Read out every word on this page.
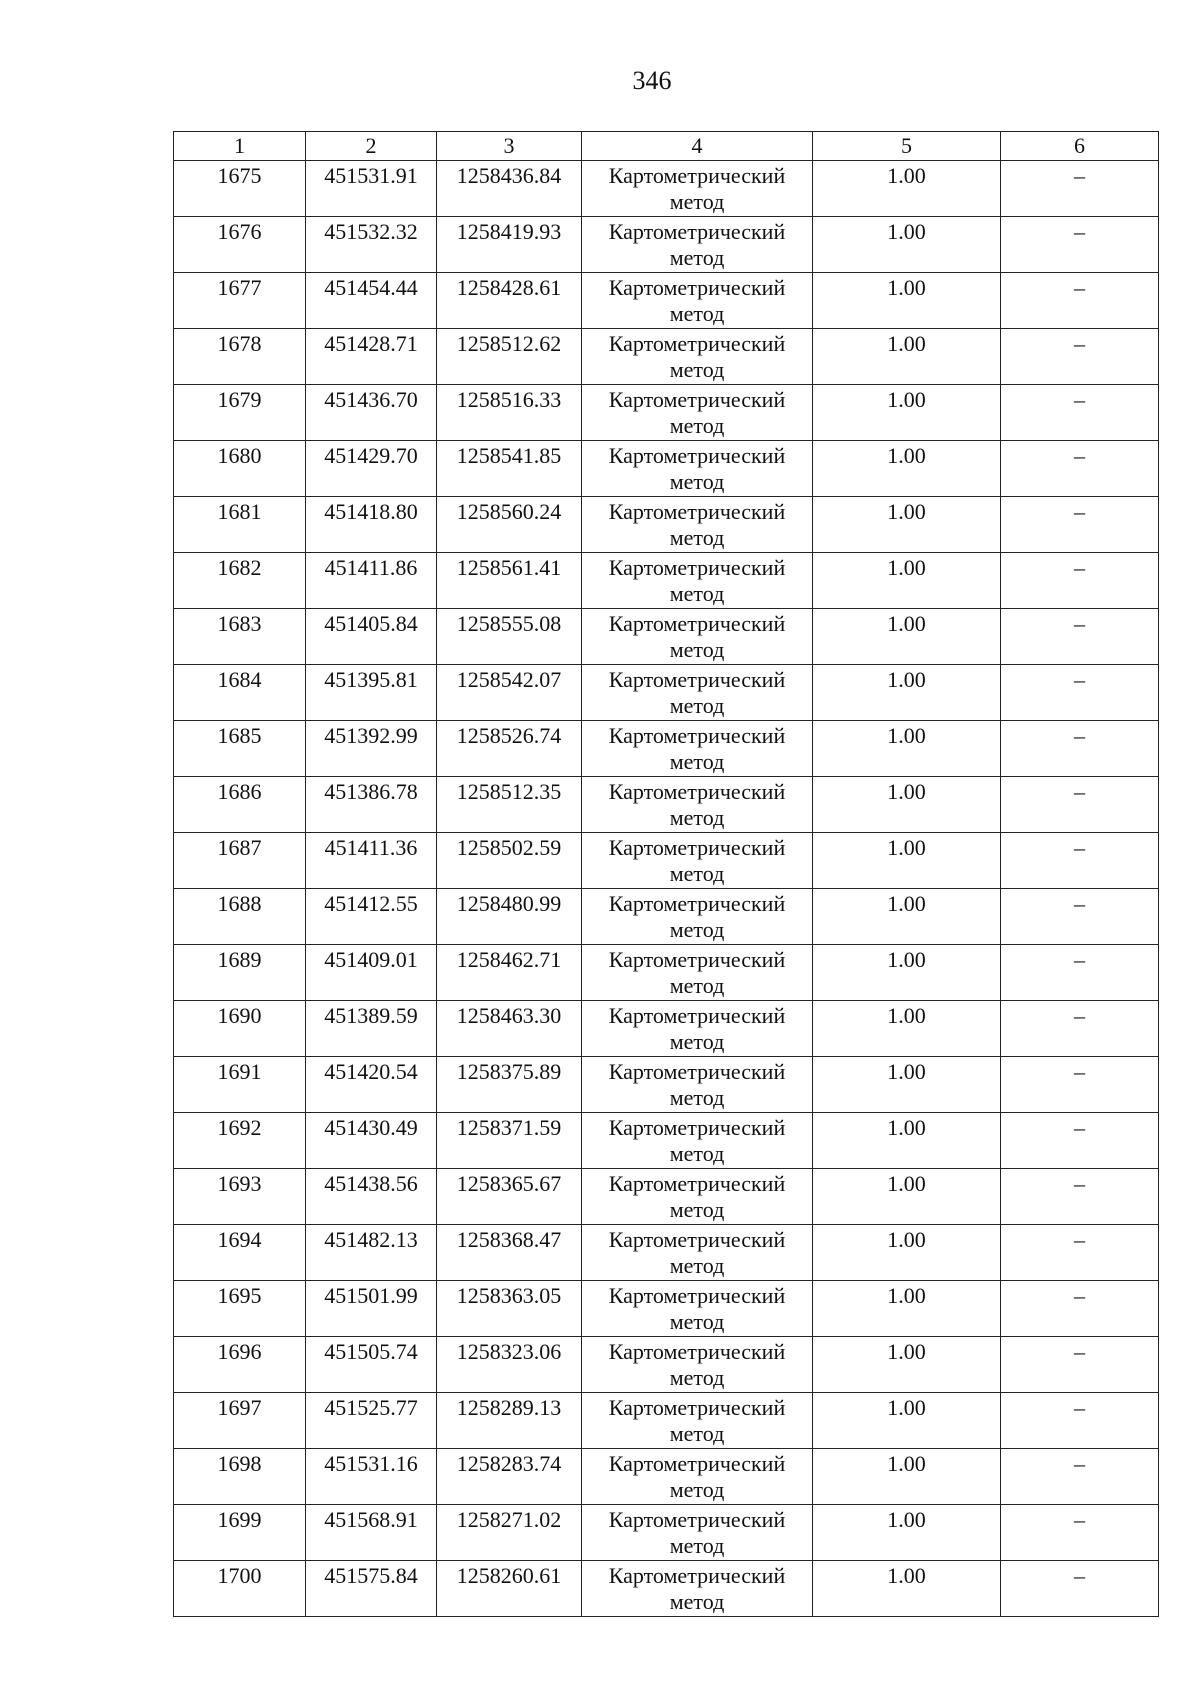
346
1	2	3	4	5	6
1675	451531.91	1258436.84	Картометрический метод	1.00	–
1676	451532.32	1258419.93	Картометрический метод	1.00	–
1677	451454.44	1258428.61	Картометрический метод	1.00	–
1678	451428.71	1258512.62	Картометрический метод	1.00	–
1679	451436.70	1258516.33	Картометрический метод	1.00	–
1680	451429.70	1258541.85	Картометрический метод	1.00	–
1681	451418.80	1258560.24	Картометрический метод	1.00	–
1682	451411.86	1258561.41	Картометрический метод	1.00	–
1683	451405.84	1258555.08	Картометрический метод	1.00	–
1684	451395.81	1258542.07	Картометрический метод	1.00	–
1685	451392.99	1258526.74	Картометрический метод	1.00	–
1686	451386.78	1258512.35	Картометрический метод	1.00	–
1687	451411.36	1258502.59	Картометрический метод	1.00	–
1688	451412.55	1258480.99	Картометрический метод	1.00	–
1689	451409.01	1258462.71	Картометрический метод	1.00	–
1690	451389.59	1258463.30	Картометрический метод	1.00	–
1691	451420.54	1258375.89	Картометрический метод	1.00	–
1692	451430.49	1258371.59	Картометрический метод	1.00	–
1693	451438.56	1258365.67	Картометрический метод	1.00	–
1694	451482.13	1258368.47	Картометрический метод	1.00	–
1695	451501.99	1258363.05	Картометрический метод	1.00	–
1696	451505.74	1258323.06	Картометрический метод	1.00	–
1697	451525.77	1258289.13	Картометрический метод	1.00	–
1698	451531.16	1258283.74	Картометрический метод	1.00	–
1699	451568.91	1258271.02	Картометрический метод	1.00	–
1700	451575.84	1258260.61	Картометрический метод	1.00	–
